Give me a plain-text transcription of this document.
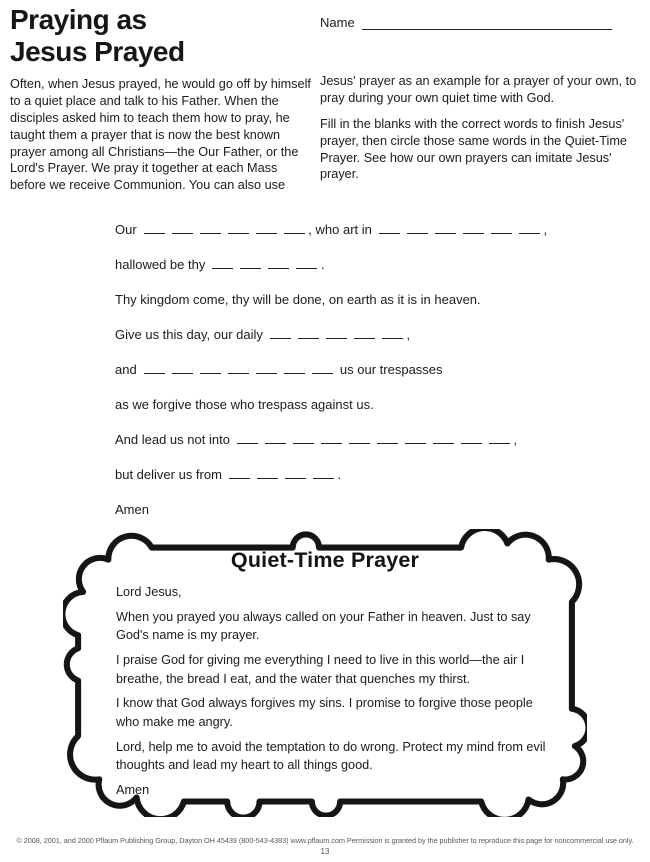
Praying as
Jesus Prayed
Name

Often, when Jesus prayed, he would go off by himself to a quiet place and talk to his Father. When the disciples asked him to teach them how to pray, he taught them a prayer that is now the best known prayer among all Christians—the Our Father, or the Lord's Prayer. We pray it together at each Mass before we receive Communion. You can also use

Jesus' prayer as an example for a prayer of your own, to pray during your own quiet time with God.

Fill in the blanks with the correct words to finish Jesus' prayer, then circle those same words in the Quiet-Time Prayer. See how our own prayers can imitate Jesus' prayer.

Our	, who art in	,
hallowed be thy	.
Thy kingdom come, thy will be done, on earth as it is in heaven.
Give us this day, our daily	,
and	us our trespasses
as we forgive those who trespass against us.
And lead us not into	,
but deliver us from	.
Amen
Quiet-Time Prayer

Lord Jesus,

When you prayed you always called on your Father in heaven. Just to say God's name is my prayer.

I praise God for giving me everything I need to live in this world—the air I breathe, the bread I eat, and the water that quenches my thirst.

I know that God always forgives my sins. I promise to forgive those people who make me angry.

Lord, help me to avoid the temptation to do wrong. Protect my mind from evil thoughts and lead my heart to all things good.

Amen

© 2008, 2001, and 2000 Pflaum Publishing Group, Dayton OH 45439 (800-543-4383) www.pflaum.com Permission is granted by the publisher to reproduce this page for noncommercial use only.
13
